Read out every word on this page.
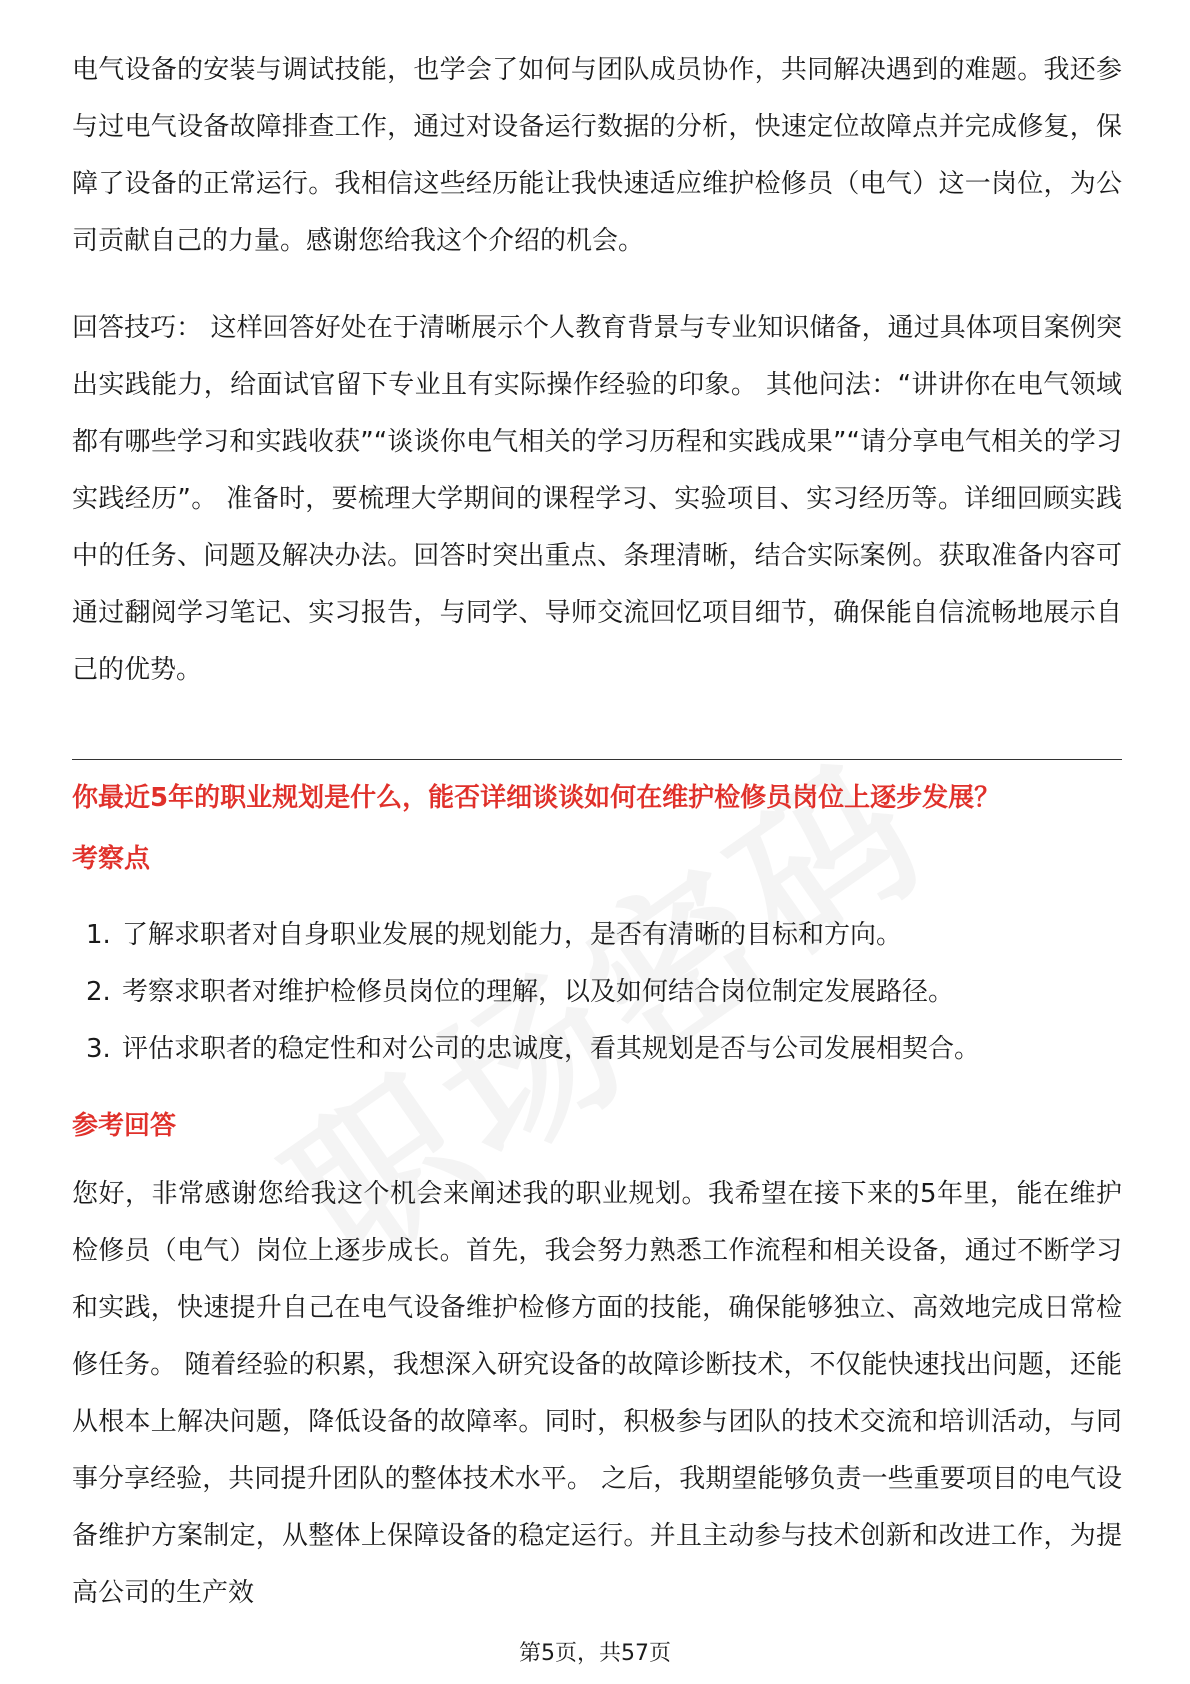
电气设备的安装与调试技能，也学会了如何与团队成员协作，共同解决遇到的难题。我还参与过电气设备故障排查工作，通过对设备运行数据的分析，快速定位故障点并完成修复，保障了设备的正常运行。我相信这些经历能让我快速适应维护检修员（电气）这一岗位，为公司贡献自己的力量。感谢您给我这个介绍的机会。

回答技巧： 这样回答好处在于清晰展示个人教育背景与专业知识储备，通过具体项目案例突出实践能力，给面试官留下专业且有实际操作经验的印象。 其他问法：“讲讲你在电气领域都有哪些学习和实践收获”“谈谈你电气相关的学习历程和实践成果”“请分享电气相关的学习实践经历”。 准备时，要梳理大学期间的课程学习、实验项目、实习经历等。详细回顾实践中的任务、问题及解决办法。回答时突出重点、条理清晰，结合实际案例。获取准备内容可通过翻阅学习笔记、实习报告，与同学、导师交流回忆项目细节，确保能自信流畅地展示自己的优势。

你最近5年的职业规划是什么，能否详细谈谈如何在维护检修员岗位上逐步发展？

考察点

1. 了解求职者对自身职业发展的规划能力，是否有清晰的目标和方向。
2. 考察求职者对维护检修员岗位的理解，以及如何结合岗位制定发展路径。
3. 评估求职者的稳定性和对公司的忠诚度，看其规划是否与公司发展相契合。

参考回答

您好，非常感谢您给我这个机会来阐述我的职业规划。我希望在接下来的5年里，能在维护检修员（电气）岗位上逐步成长。首先，我会努力熟悉工作流程和相关设备，通过不断学习和实践，快速提升自己在电气设备维护检修方面的技能，确保能够独立、高效地完成日常检修任务。 随着经验的积累，我想深入研究设备的故障诊断技术，不仅能快速找出问题，还能从根本上解决问题，降低设备的故障率。同时，积极参与团队的技术交流和培训活动，与同事分享经验，共同提升团队的整体技术水平。 之后，我期望能够负责一些重要项目的电气设备维护方案制定，从整体上保障设备的稳定运行。并且主动参与技术创新和改进工作，为提高公司的生产效

第5页，共57页
